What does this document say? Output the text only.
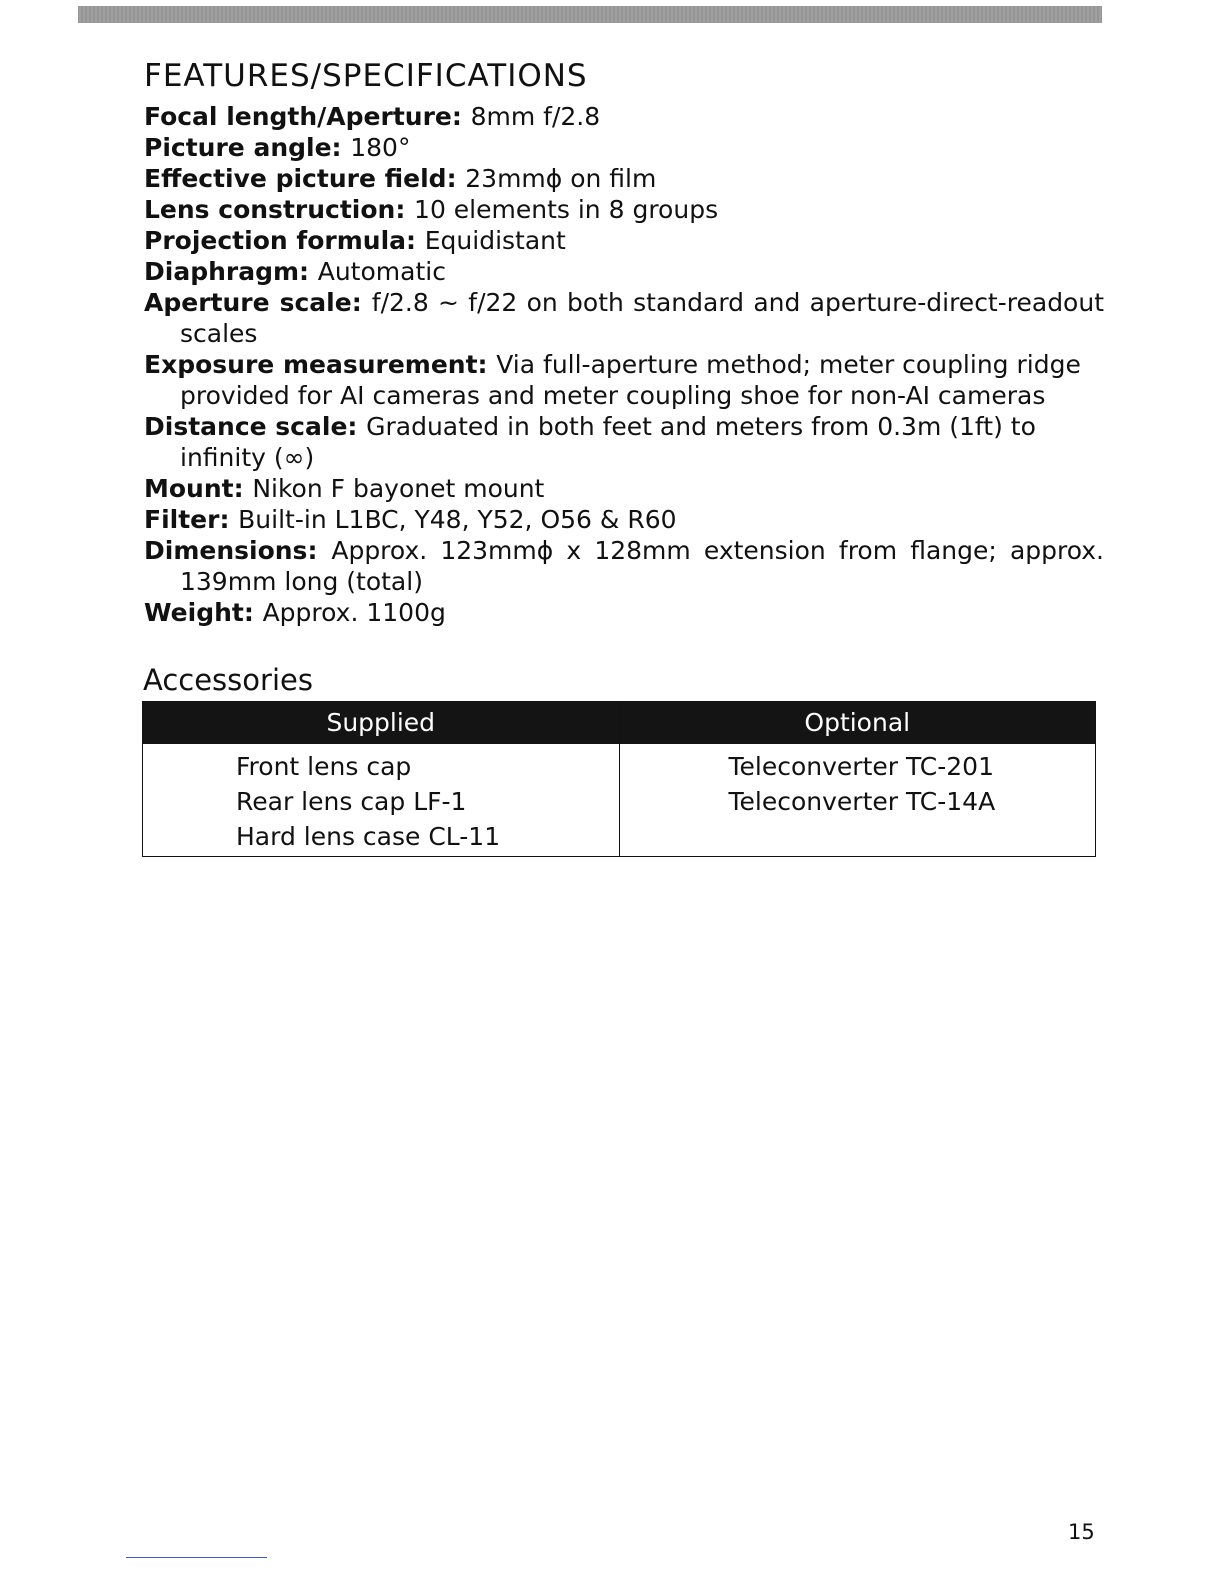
FEATURES/SPECIFICATIONS
Focal length/Aperture: 8mm f/2.8
Picture angle: 180°
Effective picture field: 23mmϕ on film
Lens construction: 10 elements in 8 groups
Projection formula: Equidistant
Diaphragm: Automatic
Aperture scale: f/2.8 ~ f/22 on both standard and aperture-direct-readout scales
Exposure measurement: Via full-aperture method; meter coupling ridge provided for AI cameras and meter coupling shoe for non-AI cameras
Distance scale: Graduated in both feet and meters from 0.3m (1ft) to infinity (∞)
Mount: Nikon F bayonet mount
Filter: Built-in L1BC, Y48, Y52, O56 & R60
Dimensions: Approx. 123mmϕ x 128mm extension from flange; approx. 139mm long (total)
Weight: Approx. 1100g
Accessories
Supplied
Front lens cap
Rear lens cap LF-1
Hard lens case CL-11
Optional
Teleconverter TC-201
Teleconverter TC-14A
15
